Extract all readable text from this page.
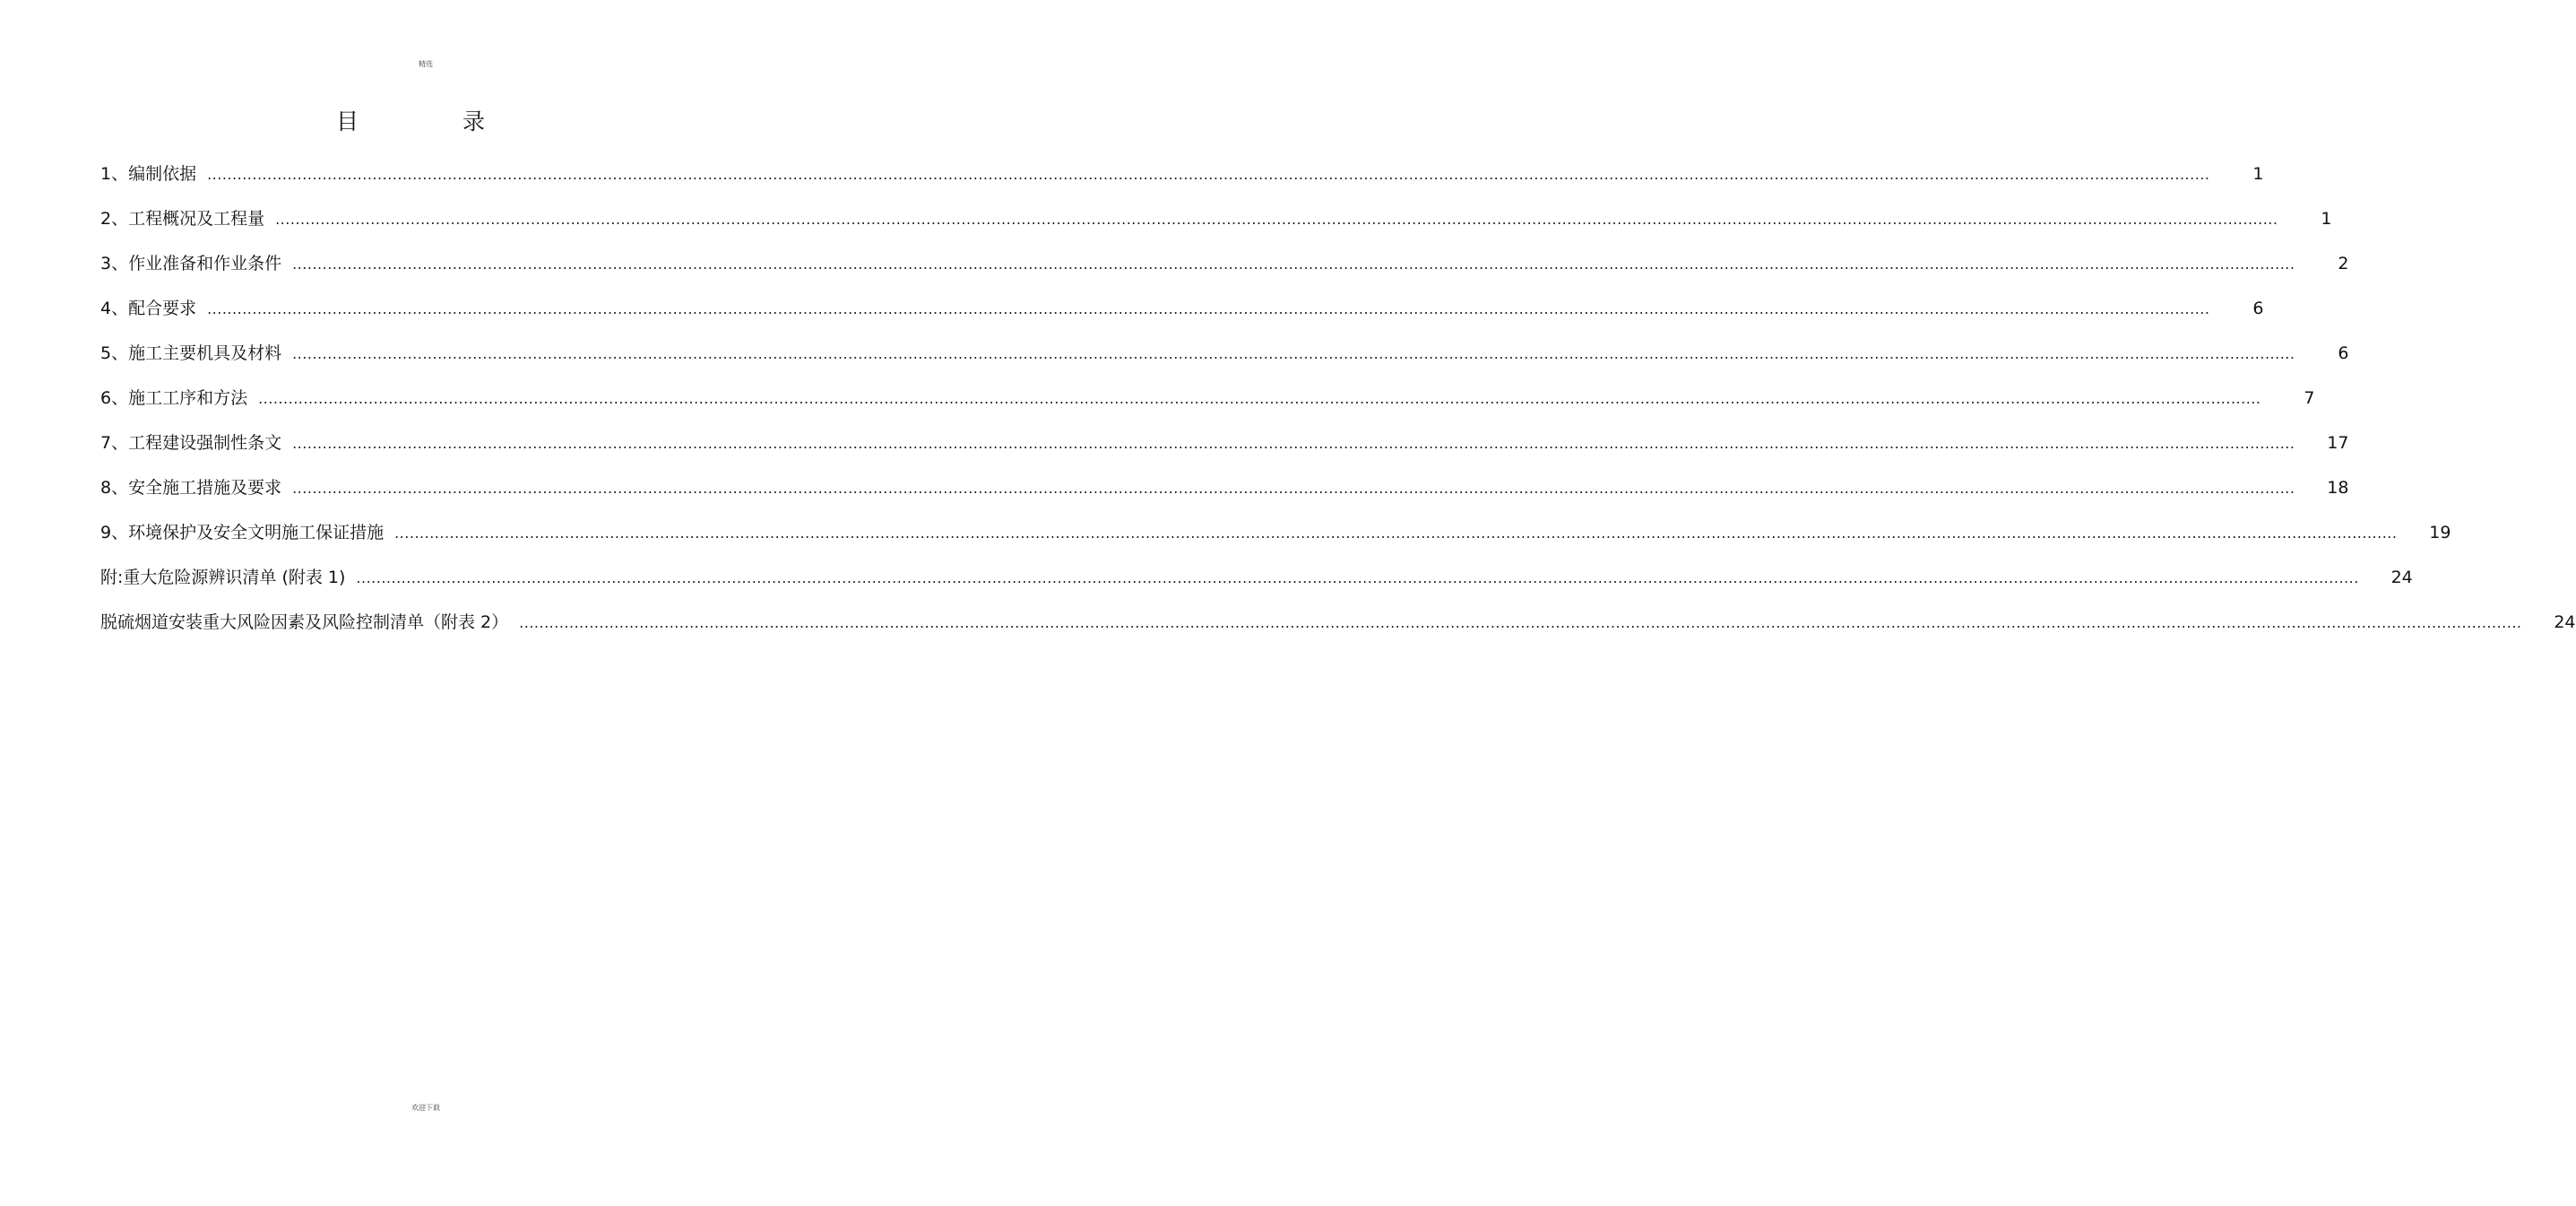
精选
目 录
1、编制依据 ................................................................................................................................................................................................................................................................................................................................................................................................................	1
2、工程概况及工程量 ................................................................................................................................................................................................................................................................................................................................................................................................................	1
3、作业准备和作业条件 ................................................................................................................................................................................................................................................................................................................................................................................................................	2
4、配合要求 ................................................................................................................................................................................................................................................................................................................................................................................................................	6
5、施工主要机具及材料 ................................................................................................................................................................................................................................................................................................................................................................................................................	6
6、施工工序和方法 ................................................................................................................................................................................................................................................................................................................................................................................................................	7
7、工程建设强制性条文 ................................................................................................................................................................................................................................................................................................................................................................................................................	17
8、安全施工措施及要求 ................................................................................................................................................................................................................................................................................................................................................................................................................	18
9、环境保护及安全文明施工保证措施 ................................................................................................................................................................................................................................................................................................................................................................................................................	19
附:重大危险源辨识清单 (附表 1) ................................................................................................................................................................................................................................................................................................................................................................................................................	24
脱硫烟道安装重大风险因素及风险控制清单（附表 2） ................................................................................................................................................................................................................................................................................................................................................................................................................	24
欢迎下载
